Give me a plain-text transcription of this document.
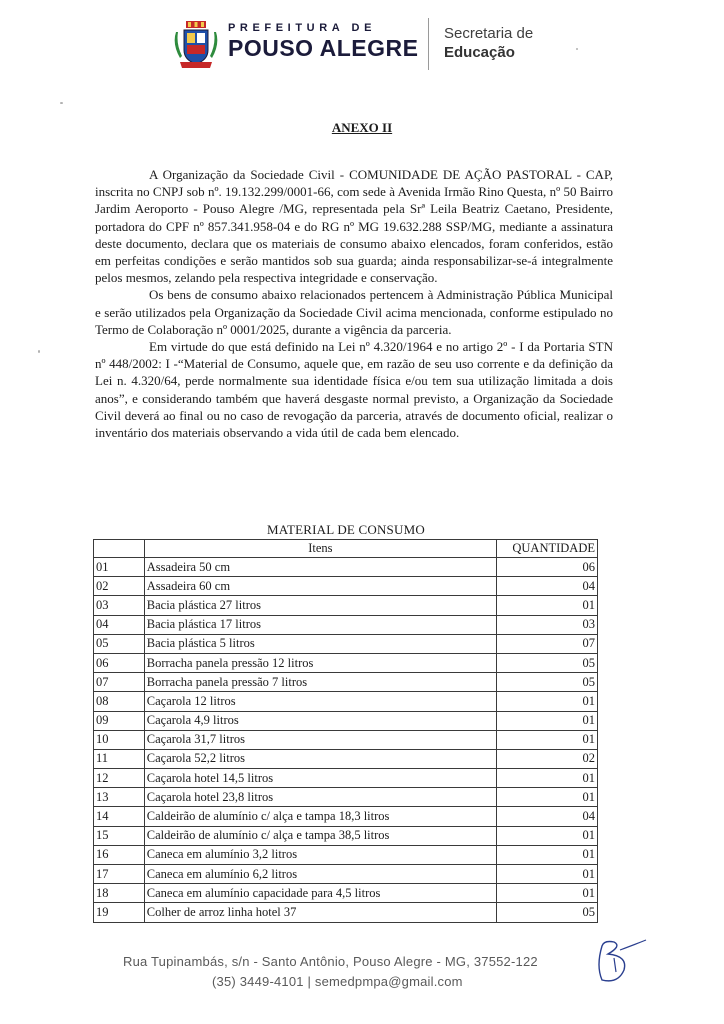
PREFEITURA DE
POUSO ALEGRE
Secretaria de
Educação
ANEXO II

A Organização da Sociedade Civil - COMUNIDADE DE AÇÃO PASTORAL - CAP, inscrita no CNPJ sob nº. 19.132.299/0001-66, com sede à Avenida Irmão Rino Questa, nº 50 Bairro Jardim Aeroporto - Pouso Alegre /MG, representada pela Srª Leila Beatriz Caetano, Presidente, portadora do CPF nº 857.341.958-04 e do RG nº MG 19.632.288 SSP/MG, mediante a assinatura deste documento, declara que os materiais de consumo abaixo elencados, foram conferidos, estão em perfeitas condições e serão mantidos sob sua guarda; ainda responsabilizar-se-á integralmente pelos mesmos, zelando pela respectiva integridade e conservação.

Os bens de consumo abaixo relacionados pertencem à Administração Pública Municipal e serão utilizados pela Organização da Sociedade Civil acima mencionada, conforme estipulado no Termo de Colaboração nº 0001/2025, durante a vigência da parceria.

Em virtude do que está definido na Lei nº 4.320/1964 e no artigo 2º - I da Portaria STN nº 448/2002: I -“Material de Consumo, aquele que, em razão de seu uso corrente e da definição da Lei n. 4.320/64, perde normalmente sua identidade física e/ou tem sua utilização limitada a dois anos”, e considerando também que haverá desgaste normal previsto, a Organização da Sociedade Civil deverá ao final ou no caso de revogação da parceria, através de documento oficial, realizar o inventário dos materiais observando a vida útil de cada bem elencado.

MATERIAL DE CONSUMO
	Itens	QUANTIDADE
01	Assadeira 50 cm	06
02	Assadeira 60 cm	04
03	Bacia plástica 27 litros	01
04	Bacia plástica 17 litros	03
05	Bacia plástica 5 litros	07
06	Borracha panela pressão 12 litros	05
07	Borracha panela pressão 7 litros	05
08	Caçarola 12 litros	01
09	Caçarola 4,9 litros	01
10	Caçarola 31,7 litros	01
11	Caçarola 52,2 litros	02
12	Caçarola hotel 14,5 litros	01
13	Caçarola hotel 23,8 litros	01
14	Caldeirão de alumínio c/ alça e tampa 18,3 litros	04
15	Caldeirão de alumínio c/ alça e tampa 38,5 litros	01
16	Caneca em alumínio 3,2 litros	01
17	Caneca em alumínio 6,2 litros	01
18	Caneca em alumínio capacidade para 4,5 litros	01
19	Colher de arroz linha hotel 37	05
Rua Tupinambás, s/n - Santo Antônio, Pouso Alegre - MG, 37552-122
(35) 3449-4101 | semedpmpa@gmail.com
